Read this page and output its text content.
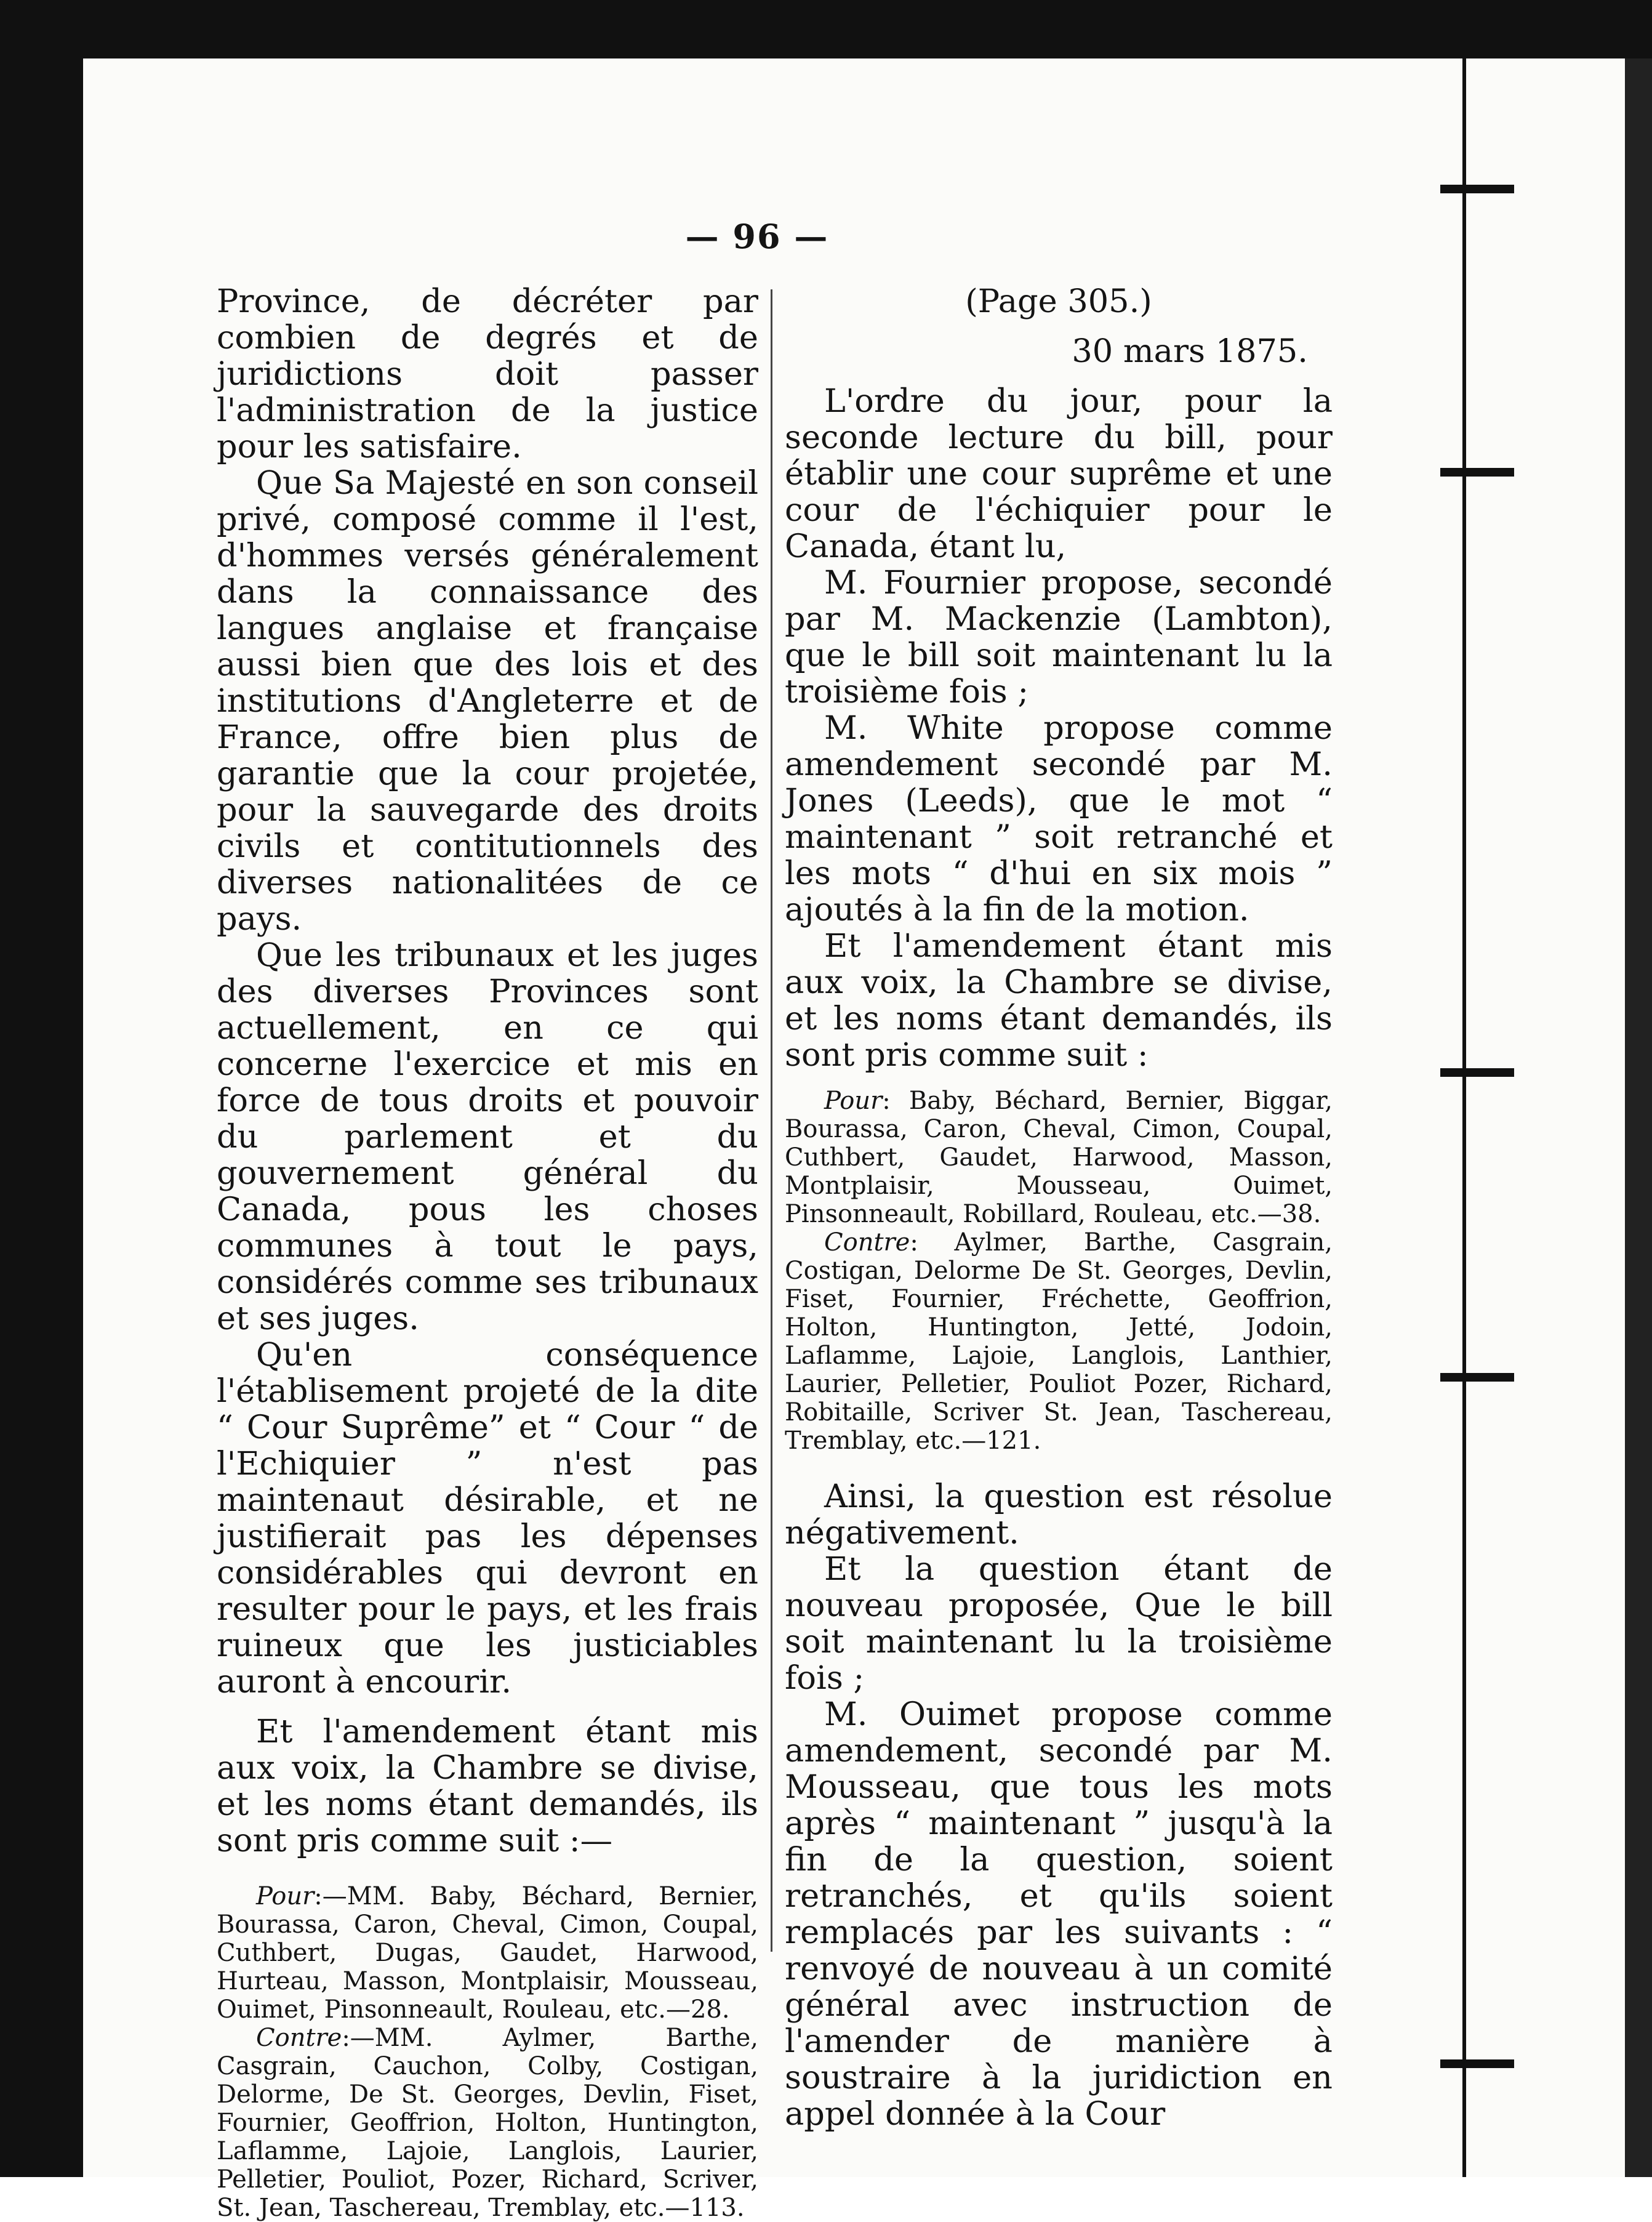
— 96 —

Province, de décréter par combien de degrés et de juridictions doit passer l'administration de la justice pour les satisfaire.

Que Sa Majesté en son conseil privé, composé comme il l'est, d'hommes versés généralement dans la connaissance des langues anglaise et française aussi bien que des lois et des institutions d'Angleterre et de France, offre bien plus de garantie que la cour projetée, pour la sauvegarde des droits civils et contitutionnels des diverses nationalitées de ce pays.

Que les tribunaux et les juges des diverses Provinces sont actuellement, en ce qui concerne l'exercice et mis en force de tous droits et pouvoir du parlement et du gouvernement général du Canada, pous les choses communes à tout le pays, considérés comme ses tribunaux et ses juges.

Qu'en conséquence l'établisement projeté de la dite “ Cour Suprême” et “ Cour “ de l'Echiquier ” n'est pas maintenaut désirable, et ne justifierait pas les dépenses considérables qui devront en resulter pour le pays, et les frais ruineux que les justiciables auront à encourir.

Et l'amendement étant mis aux voix, la Chambre se divise, et les noms étant demandés, ils sont pris comme suit :—

Pour:—MM. Baby, Béchard, Bernier, Bourassa, Caron, Cheval, Cimon, Coupal, Cuthbert, Dugas, Gaudet, Harwood, Hurteau, Masson, Montplaisir, Mousseau, Ouimet, Pinsonneault, Rouleau, etc.—28.

Contre:—MM. Aylmer, Barthe, Casgrain, Cauchon, Colby, Costigan, Delorme, De St. Georges, Devlin, Fiset, Fournier, Geoffrion, Holton, Huntington, Laflamme, Lajoie, Langlois, Laurier, Pelletier, Pouliot, Pozer, Richard, Scriver, St. Jean, Taschereau, Tremblay, etc.—113.

(Page 305.)

30 mars 1875.

L'ordre du jour, pour la seconde lecture du bill, pour établir une cour suprême et une cour de l'échiquier pour le Canada, étant lu,

M. Fournier propose, secondé par M. Mackenzie (Lambton), que le bill soit maintenant lu la troisième fois ;

M. White propose comme amendement secondé par M. Jones (Leeds), que le mot “ maintenant ” soit retranché et les mots “ d'hui en six mois ” ajoutés à la fin de la motion.

Et l'amendement étant mis aux voix, la Chambre se divise, et les noms étant demandés, ils sont pris comme suit :

Pour: Baby, Béchard, Bernier, Biggar, Bourassa, Caron, Cheval, Cimon, Coupal, Cuthbert, Gaudet, Harwood, Masson, Montplaisir, Mousseau, Ouimet, Pinsonneault, Robillard, Rouleau, etc.—38.

Contre: Aylmer, Barthe, Casgrain, Costigan, Delorme De St. Georges, Devlin, Fiset, Fournier, Fréchette, Geoffrion, Holton, Huntington, Jetté, Jodoin, Laflamme, Lajoie, Langlois, Lanthier, Laurier, Pelletier, Pouliot Pozer, Richard, Robitaille, Scriver St. Jean, Taschereau, Tremblay, etc.—121.

Ainsi, la question est résolue négativement.

Et la question étant de nouveau proposée, Que le bill soit maintenant lu la troisième fois ;

M. Ouimet propose comme amendement, secondé par M. Mousseau, que tous les mots après “ maintenant ” jusqu'à la fin de la question, soient retranchés, et qu'ils soient remplacés par les suivants : “ renvoyé de nouveau à un comité général avec instruction de l'amender de manière à soustraire à la juridiction en appel donnée à la Cour
